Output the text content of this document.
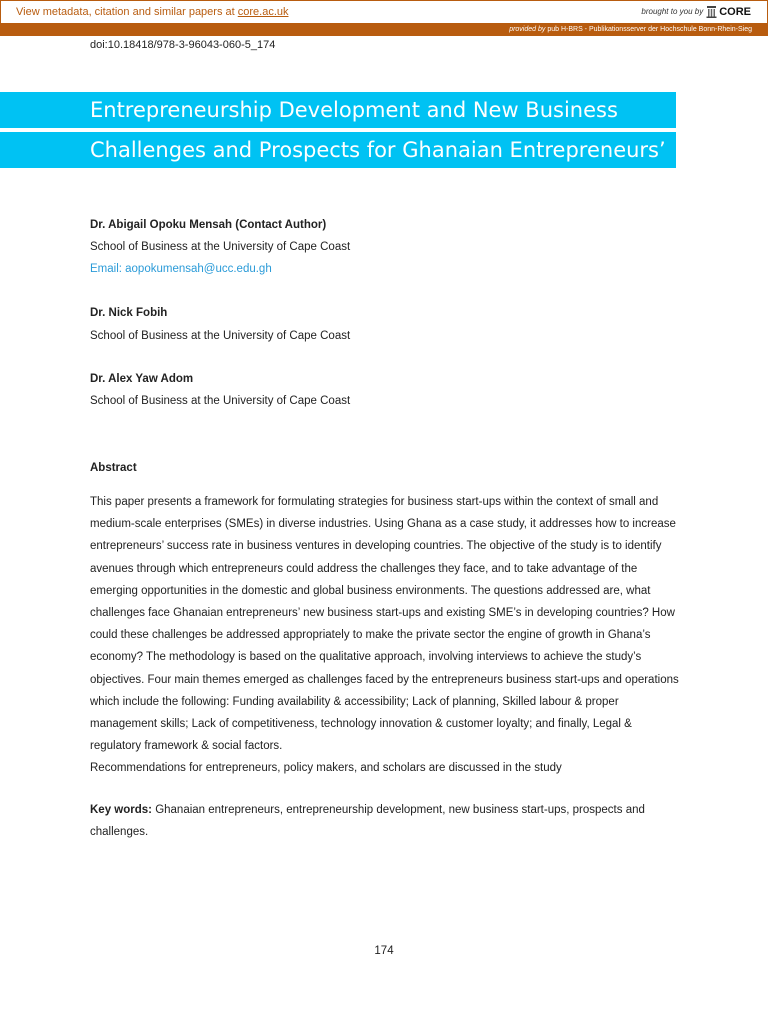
View metadata, citation and similar papers at core.ac.uk	brought to you by CORE
provided by pub H-BRS - Publikationsserver der Hochschule Bonn-Rhein-Sieg
doi:10.18418/978-3-96043-060-5_174
Entrepreneurship Development and New Business
Challenges and Prospects for Ghanaian Entrepreneurs’
Dr. Abigail Opoku Mensah (Contact Author)
School of Business at the University of Cape Coast
Email: aopokumensah@ucc.edu.gh
Dr. Nick Fobih
School of Business at the University of Cape Coast
Dr. Alex Yaw Adom
School of Business at the University of Cape Coast
Abstract

This paper presents a framework for formulating strategies for business start-ups within the context of small and medium-scale enterprises (SMEs) in diverse industries. Using Ghana as a case study, it addresses how to increase entrepreneurs’ success rate in business ventures in developing countries. The objective of the study is to identify avenues through which entrepreneurs could address the challenges they face, and to take advantage of the emerging opportunities in the domestic and global business environments. The questions addressed are, what challenges face Ghanaian entrepreneurs’ new business start-ups and existing SME’s in developing countries? How could these challenges be addressed appropriately to make the private sector the engine of growth in Ghana’s economy? The methodology is based on the qualitative approach, involving interviews to achieve the study’s objectives. Four main themes emerged as challenges faced by the entrepreneurs business start-ups and operations which include the following: Funding availability & accessibility; Lack of planning, Skilled labour & proper management skills; Lack of competitiveness, technology innovation & customer loyalty; and finally, Legal & regulatory framework & social factors.

Recommendations for entrepreneurs, policy makers, and scholars are discussed in the study

Key words: Ghanaian entrepreneurs, entrepreneurship development, new business start-ups, prospects and challenges.
174
